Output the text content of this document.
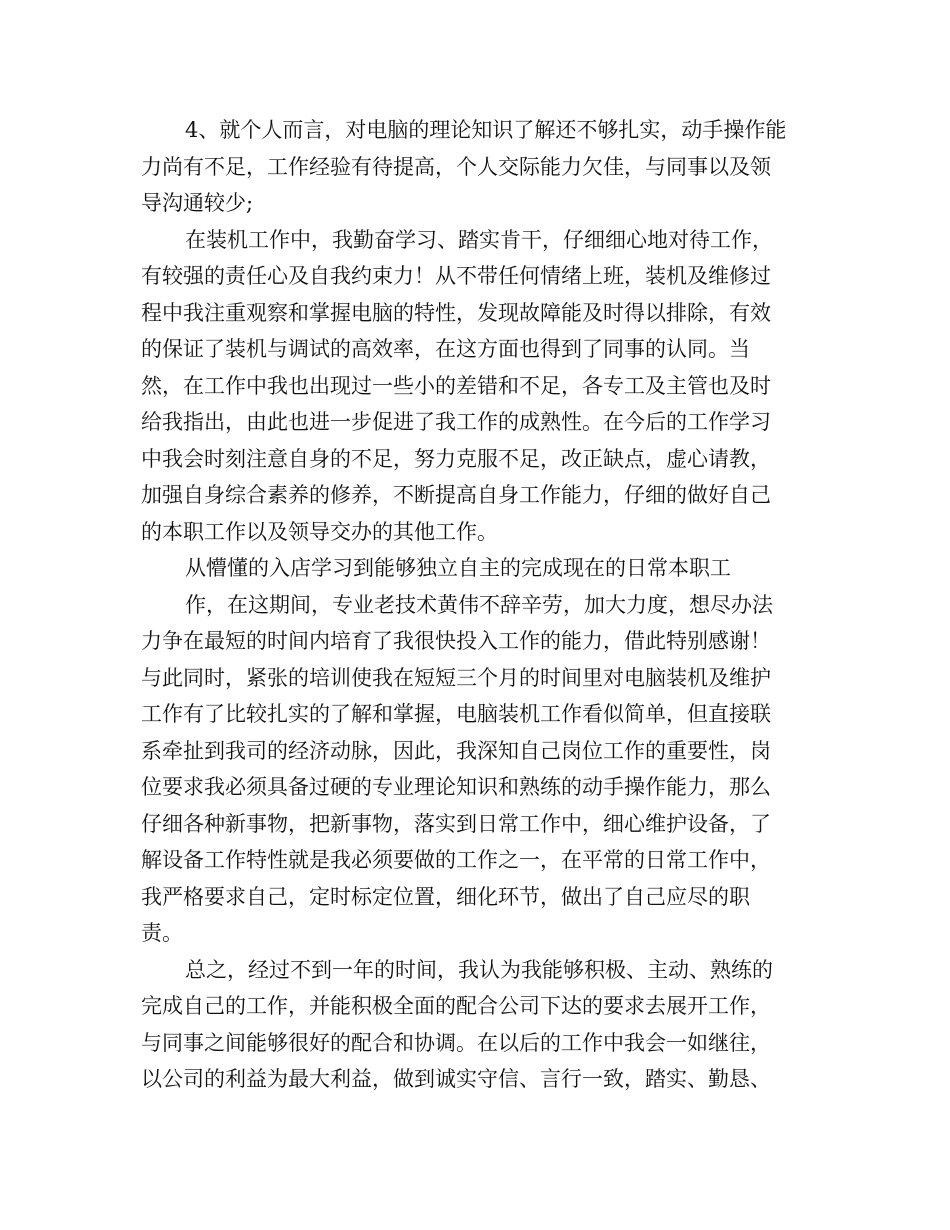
4、就个人而言，对电脑的理论知识了解还不够扎实，动手操作能
力尚有不足，工作经验有待提高，个人交际能力欠佳，与同事以及领
导沟通较少;
在装机工作中，我勤奋学习、踏实肯干，仔细细心地对待工作，
有较强的责任心及自我约束力！从不带任何情绪上班，装机及维修过
程中我注重观察和掌握电脑的特性，发现故障能及时得以排除，有效
的保证了装机与调试的高效率，在这方面也得到了同事的认同。当
然，在工作中我也出现过一些小的差错和不足，各专工及主管也及时
给我指出，由此也进一步促进了我工作的成熟性。在今后的工作学习
中我会时刻注意自身的不足，努力克服不足，改正缺点，虚心请教，
加强自身综合素养的修养，不断提高自身工作能力，仔细的做好自己
的本职工作以及领导交办的其他工作。
从懵懂的入店学习到能够独立自主的完成现在的日常本职工
作，在这期间，专业老技术黄伟不辞辛劳，加大力度，想尽办法
力争在最短的时间内培育了我很快投入工作的能力，借此特别感谢！
与此同时，紧张的培训使我在短短三个月的时间里对电脑装机及维护
工作有了比较扎实的了解和掌握，电脑装机工作看似简单，但直接联
系牵扯到我司的经济动脉，因此，我深知自己岗位工作的重要性，岗
位要求我必须具备过硬的专业理论知识和熟练的动手操作能力，那么
仔细各种新事物，把新事物，落实到日常工作中，细心维护设备，了
解设备工作特性就是我必须要做的工作之一，在平常的日常工作中，
我严格要求自己，定时标定位置，细化环节，做出了自己应尽的职
责。
总之，经过不到一年的时间，我认为我能够积极、主动、熟练的
完成自己的工作，并能积极全面的配合公司下达的要求去展开工作，
与同事之间能够很好的配合和协调。在以后的工作中我会一如继往，
以公司的利益为最大利益，做到诚实守信、言行一致，踏实、勤恳、
